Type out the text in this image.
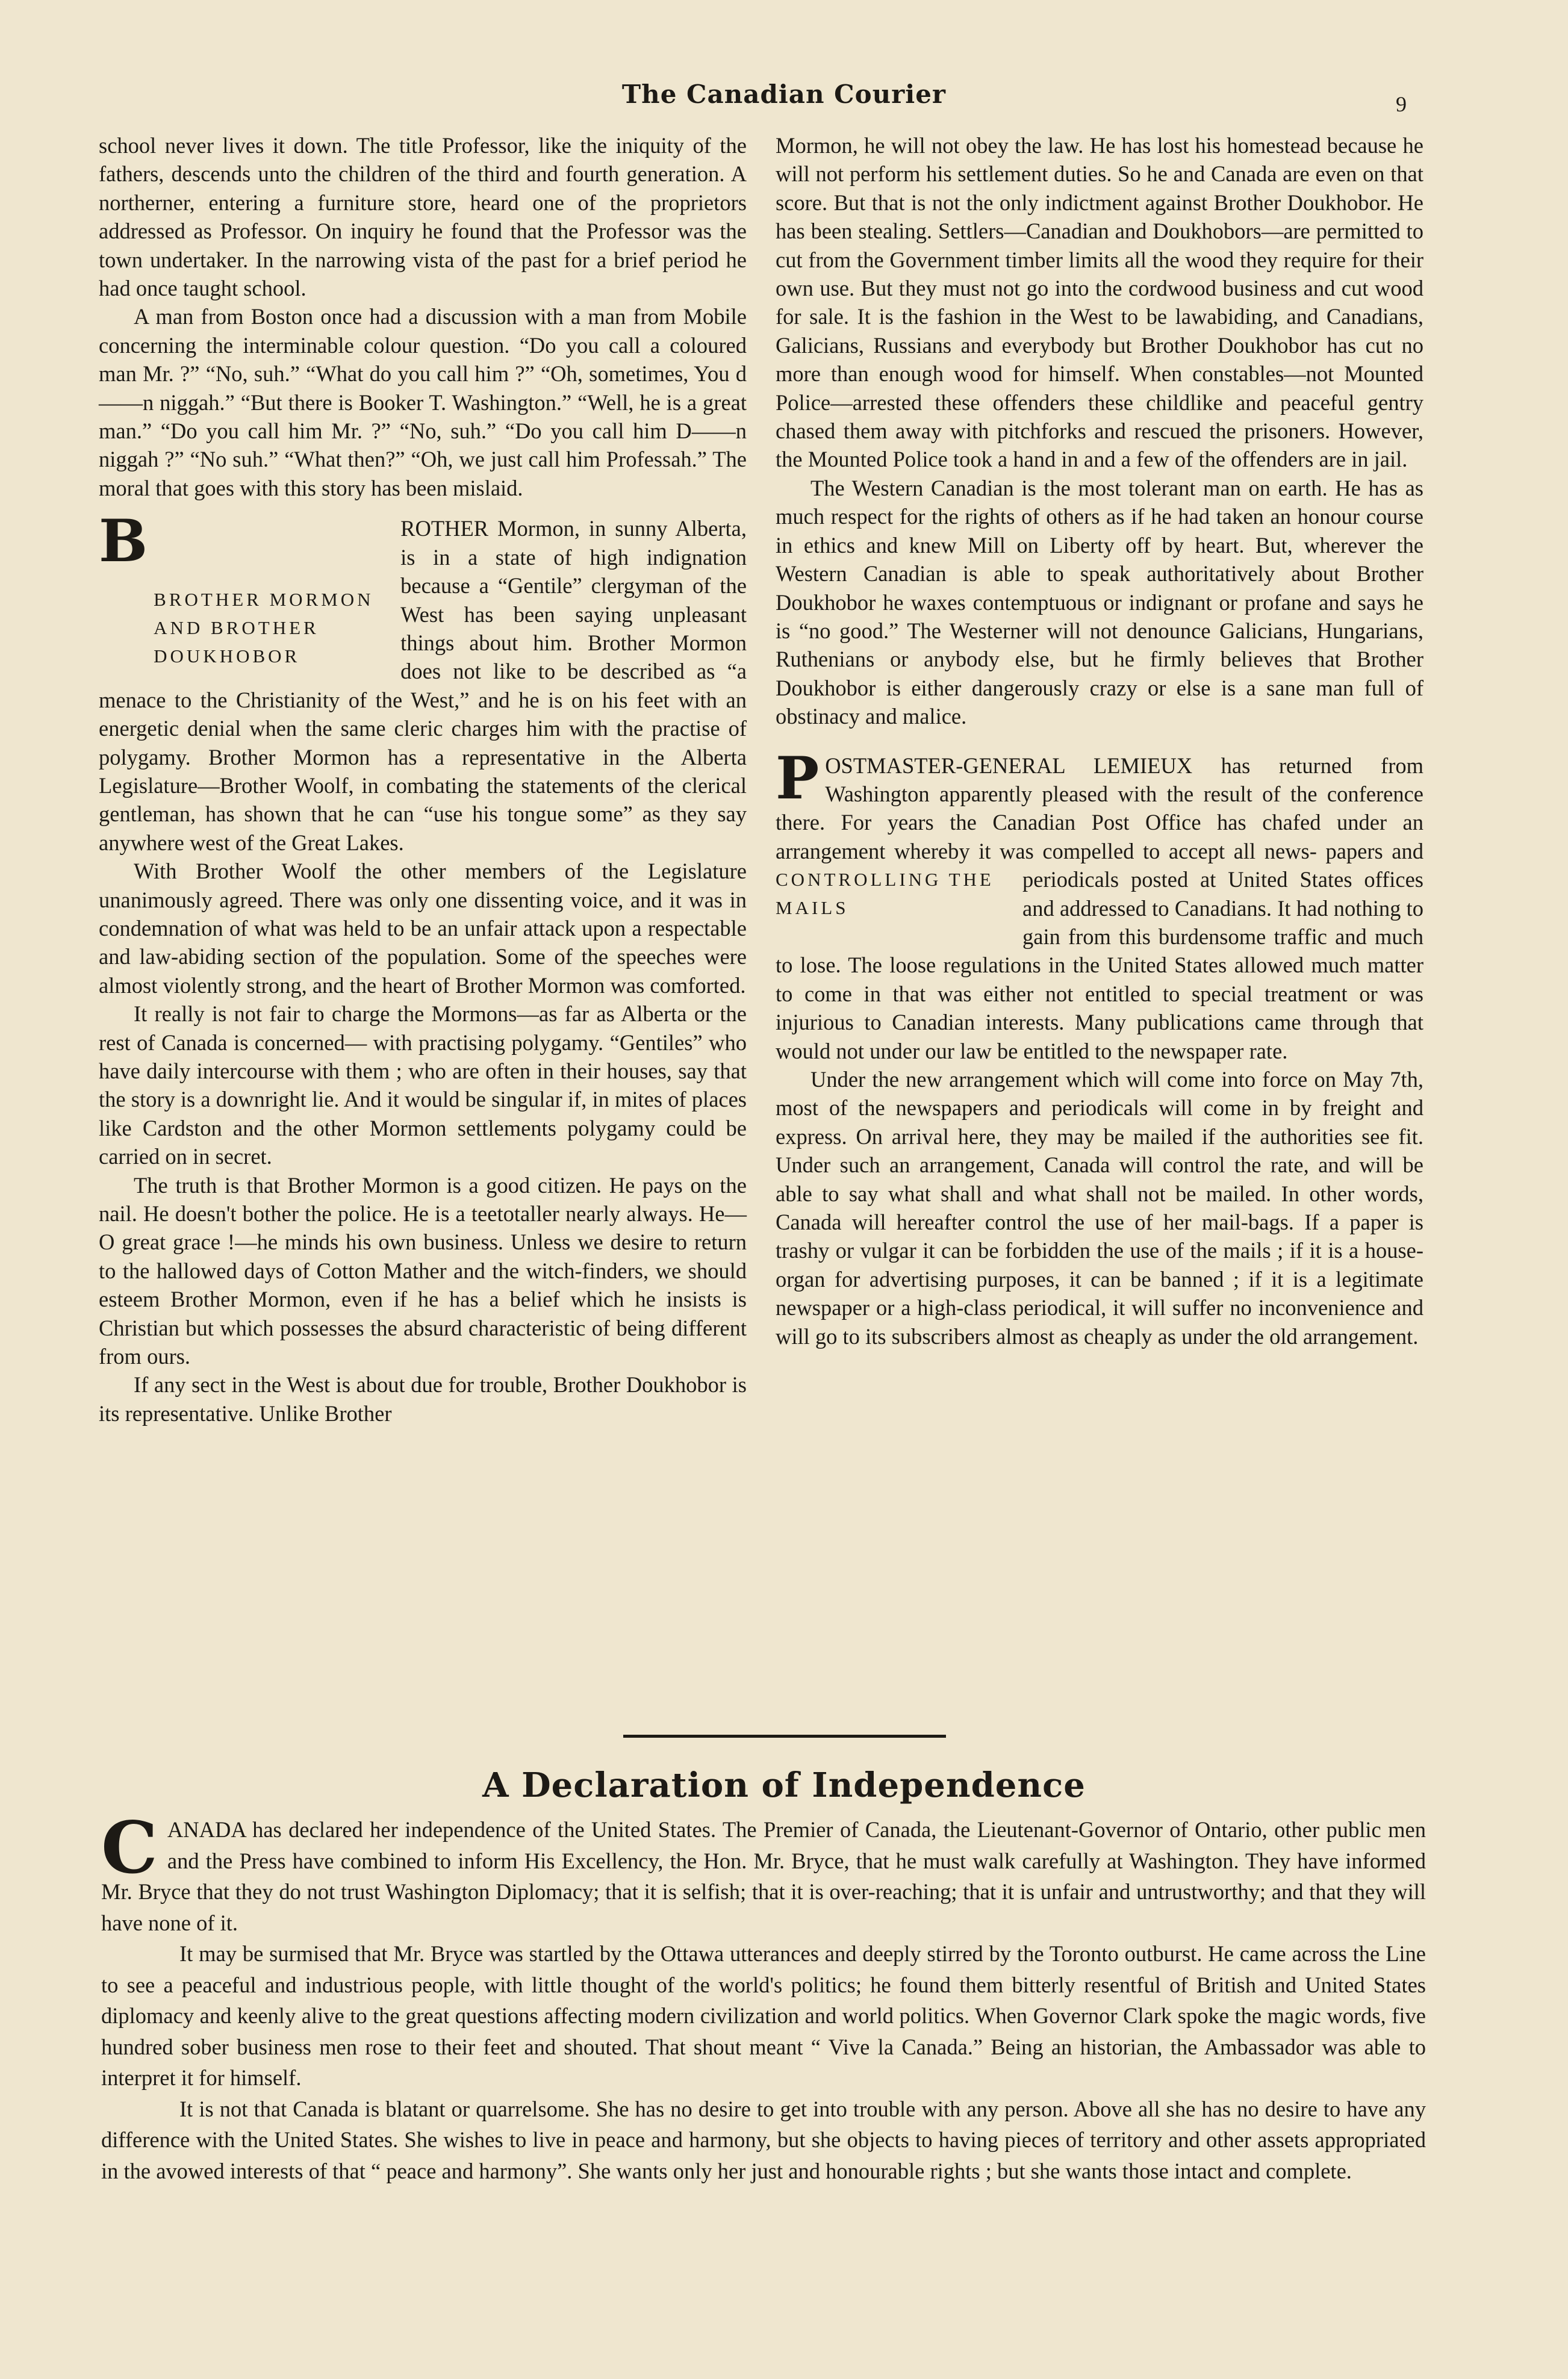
The Canadian Courier	9

school never lives it down. The title Professor, like the iniquity of the fathers, descends unto the children of the third and fourth generation. A northerner, entering a furniture store, heard one of the proprietors addressed as Professor. On inquiry he found that the Professor was the town undertaker. In the narrowing vista of the past for a brief period he had once taught school.

A man from Boston once had a discussion with a man from Mobile concerning the interminable colour question. “Do you call a coloured man Mr. ?” “No, suh.” “What do you call him ?” “Oh, sometimes, You d——n niggah.” “But there is Booker T. Washington.” “Well, he is a great man.” “Do you call him Mr. ?” “No, suh.” “Do you call him D——n niggah ?” “No suh.” “What then?” “Oh, we just call him Professah.” The moral that goes with this story has been mislaid.

B
BROTHER MORMON AND BROTHER DOUKHOBOR
ROTHER Mormon, in sunny Alberta, is in a state of high indignation because a “Gentile” clergyman of the West has been saying unpleasant things about him. Brother Mormon does not like to be described as “a menace to the Christianity of the West,” and he is on his feet with an energetic denial when the same cleric charges him with the practise of polygamy. Brother Mormon has a representative in the Alberta Legislature—Brother Woolf, in combating the statements of the clerical gentleman, has shown that he can “use his tongue some” as they say anywhere west of the Great Lakes.

With Brother Woolf the other members of the Legislature unanimously agreed. There was only one dissenting voice, and it was in condemnation of what was held to be an unfair attack upon a respectable and law-abiding section of the population. Some of the speeches were almost violently strong, and the heart of Brother Mormon was comforted.

It really is not fair to charge the Mormons—as far as Alberta or the rest of Canada is concerned— with practising polygamy. “Gentiles” who have daily intercourse with them ; who are often in their houses, say that the story is a downright lie. And it would be singular if, in mites of places like Cardston and the other Mormon settlements polygamy could be carried on in secret.

The truth is that Brother Mormon is a good citizen. He pays on the nail. He doesn't bother the police. He is a teetotaller nearly always. He—O great grace !—he minds his own business. Unless we desire to return to the hallowed days of Cotton Mather and the witch-finders, we should esteem Brother Mormon, even if he has a belief which he insists is Christian but which possesses the absurd characteristic of being different from ours.

If any sect in the West is about due for trouble, Brother Doukhobor is its representative. Unlike Brother

Mormon, he will not obey the law. He has lost his homestead because he will not perform his settlement duties. So he and Canada are even on that score. But that is not the only indictment against Brother Doukhobor. He has been stealing. Settlers—Canadian and Doukhobors—are permitted to cut from the Government timber limits all the wood they require for their own use. But they must not go into the cordwood business and cut wood for sale. It is the fashion in the West to be lawabiding, and Canadians, Galicians, Russians and everybody but Brother Doukhobor has cut no more than enough wood for himself. When constables—not Mounted Police—arrested these offenders these childlike and peaceful gentry chased them away with pitchforks and rescued the prisoners. However, the Mounted Police took a hand in and a few of the offenders are in jail.

The Western Canadian is the most tolerant man on earth. He has as much respect for the rights of others as if he had taken an honour course in ethics and knew Mill on Liberty off by heart. But, wherever the Western Canadian is able to speak authoritatively about Brother Doukhobor he waxes contemptuous or indignant or profane and says he is “no good.” The Westerner will not denounce Galicians, Hungarians, Ruthenians or anybody else, but he firmly believes that Brother Doukhobor is either dangerously crazy or else is a sane man full of obstinacy and malice.

P OSTMASTER-GENERAL LEMIEUX has returned from Washington apparently pleased with the result of the conference there. For years the Canadian Post Office has chafed under an arrangement whereby it was compelled to accept all news-
CONTROLLING THE MAILS
papers and periodicals posted at United States offices and addressed to Canadians. It had nothing to gain from this burdensome traffic and much to lose. The loose regulations in the United States allowed much matter to come in that was either not entitled to special treatment or was injurious to Canadian interests. Many publications came through that would not under our law be entitled to the newspaper rate.

Under the new arrangement which will come into force on May 7th, most of the newspapers and periodicals will come in by freight and express. On arrival here, they may be mailed if the authorities see fit. Under such an arrangement, Canada will control the rate, and will be able to say what shall and what shall not be mailed. In other words, Canada will hereafter control the use of her mail-bags. If a paper is trashy or vulgar it can be forbidden the use of the mails ; if it is a house-organ for advertising purposes, it can be banned ; if it is a legitimate newspaper or a high-class periodical, it will suffer no inconvenience and will go to its subscribers almost as cheaply as under the old arrangement.

A Declaration of Independence

C ANADA has declared her independence of the United States. The Premier of Canada, the Lieutenant-Governor of Ontario, other public men and the Press have combined to inform His Excellency, the Hon. Mr. Bryce, that he must walk carefully at Washington. They have informed Mr. Bryce that they do not trust Washington Diplomacy; that it is selfish; that it is over-reaching; that it is unfair and untrustworthy; and that they will have none of it.

It may be surmised that Mr. Bryce was startled by the Ottawa utterances and deeply stirred by the Toronto outburst. He came across the Line to see a peaceful and industrious people, with little thought of the world's politics; he found them bitterly resentful of British and United States diplomacy and keenly alive to the great questions affecting modern civilization and world politics. When Governor Clark spoke the magic words, five hundred sober business men rose to their feet and shouted. That shout meant “ Vive la Canada.” Being an historian, the Ambassador was able to interpret it for himself.

It is not that Canada is blatant or quarrelsome. She has no desire to get into trouble with any person. Above all she has no desire to have any difference with the United States. She wishes to live in peace and harmony, but she objects to having pieces of territory and other assets appropriated in the avowed interests of that “ peace and harmony”. She wants only her just and honourable rights ; but she wants those intact and complete.
